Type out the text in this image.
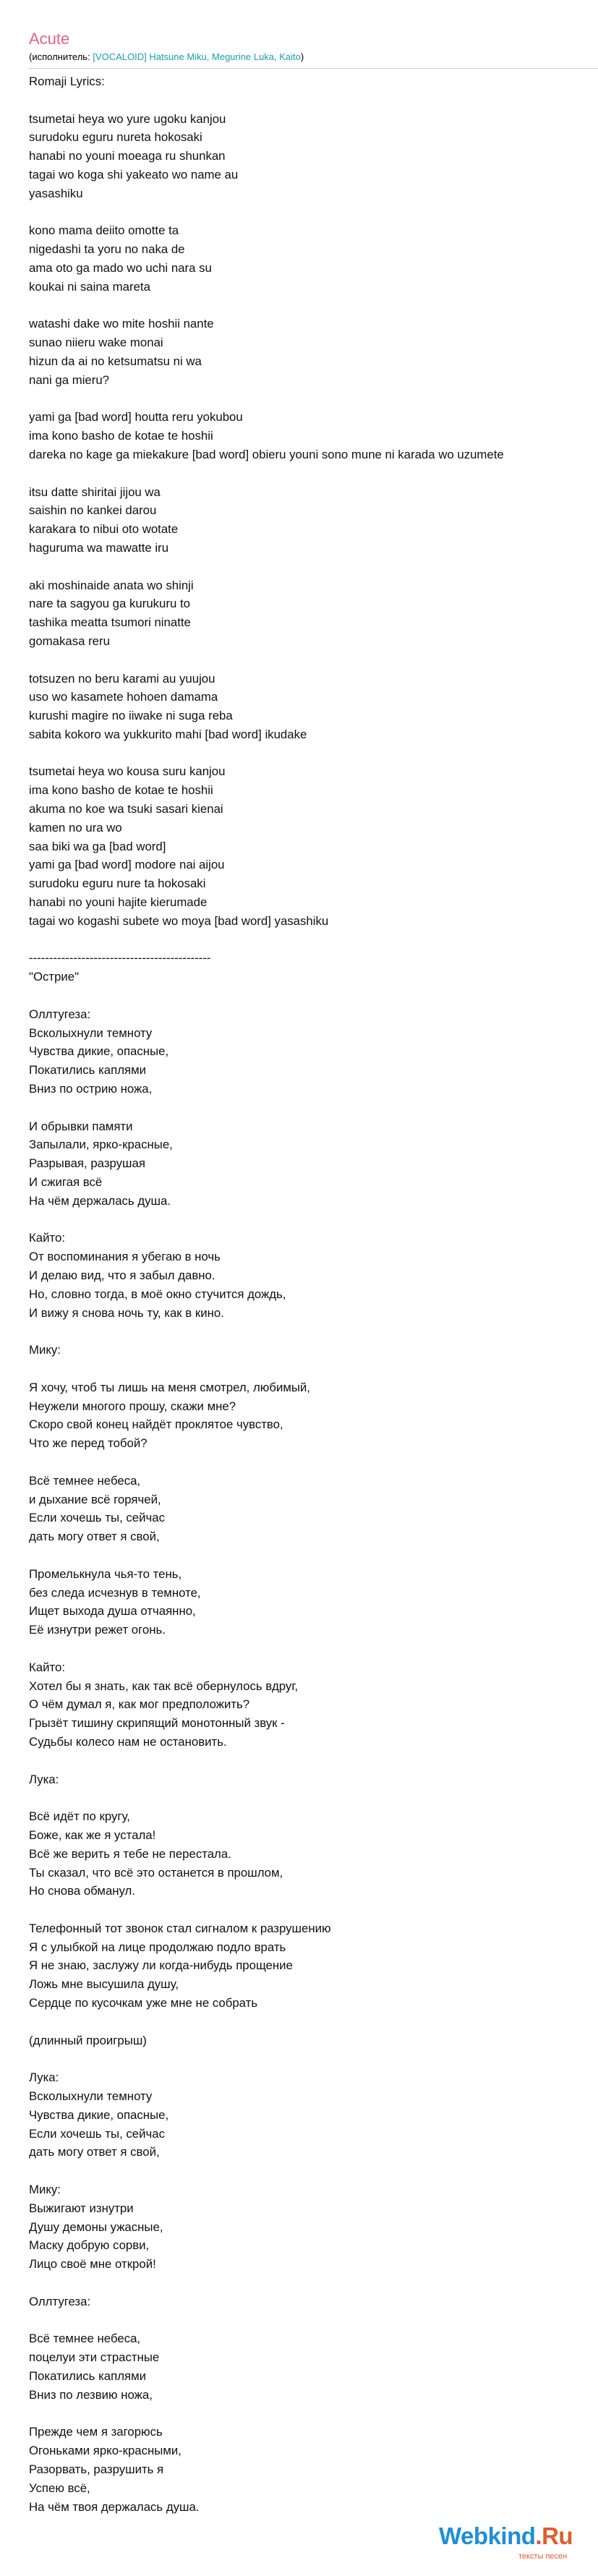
Acute
(исполнитель: [VOCALOID] Hatsune Miku, Megurine Luka, Kaito)
Romaji Lyrics:
tsumetai heya wo yure ugoku kanjou
surudoku eguru nureta hokosaki
hanabi no youni moeaga ru shunkan
tagai wo koga shi yakeato wo name au
yasashiku
kono mama deiito omotte ta
nigedashi ta yoru no naka de
ama oto ga mado wo uchi nara su
koukai ni saina mareta
watashi dake wo mite hoshii nante
sunao niieru wake monai
hizun da ai no ketsumatsu ni wa
nani ga mieru?
yami ga [bad word] houtta reru yokubou
ima kono basho de kotae te hoshii
dareka no kage ga miekakure [bad word] obieru youni sono mune ni karada wo uzumete
itsu datte shiritai jijou wa
saishin no kankei darou
karakara to nibui oto wotate
haguruma wa mawatte iru
aki moshinaide anata wo shinji
nare ta sagyou ga kurukuru to
tashika meatta tsumori ninatte
gomakasa reru
totsuzen no beru karami au yuujou
uso wo kasamete hohoen damama
kurushi magire no iiwake ni suga reba
sabita kokoro wa yukkurito mahi [bad word] ikudake
tsumetai heya wo kousa suru kanjou
ima kono basho de kotae te hoshii
akuma no koe wa tsuki sasari kienai
kamen no ura wo
saa biki wa ga [bad word]
yami ga [bad word] modore nai aijou
surudoku eguru nure ta hokosaki
hanabi no youni hajite kierumade
tagai wo kogashi subete wo moya [bad word] yasashiku
---------------------------------------------
"Острие"
Оллтугеза:
Всколыхнули темноту
Чувства дикие, опасные,
Покатились каплями
Вниз по острию ножа,
И обрывки памяти
Запылали, ярко-красные,
Разрывая, разрушая
И сжигая всё
На чём держалась душа.
Кайто:
От воспоминания я убегаю в ночь
И делаю вид, что я забыл давно.
Но, словно тогда, в моё окно стучится дождь,
И вижу я снова ночь ту, как в кино.
Мику:
Я хочу, чтоб ты лишь на меня смотрел, любимый,
Неужели многого прошу, скажи мне?
Скоро свой конец найдёт проклятое чувство,
Что же перед тобой?
Всё темнее небеса,
и дыхание всё горячей,
Если хочешь ты, сейчас
дать могу ответ я свой,
Промелькнула чья-то тень,
без следа исчезнув в темноте,
Ищет выхода душа отчаянно,
Её изнутри режет огонь.
Кайто:
Хотел бы я знать, как так всё обернулось вдруг,
О чём думал я, как мог предположить?
Грызёт тишину скрипящий монотонный звук -
Судьбы колесо нам не остановить.
Лука:
Всё идёт по кругу,
Боже, как же я устала!
Всё же верить я тебе не перестала.
Ты сказал, что всё это останется в прошлом,
Но снова обманул.
Телефонный тот звонок стал сигналом к разрушению
Я с улыбкой на лице продолжаю подло врать
Я не знаю, заслужу ли когда-нибудь прощение
Ложь мне высушила душу,
Сердце по кусочкам уже мне не собрать
(длинный проигрыш)
Лука:
Всколыхнули темноту
Чувства дикие, опасные,
Если хочешь ты, сейчас
дать могу ответ я свой,
Мику:
Выжигают изнутри
Душу демоны ужасные,
Маску добрую сорви,
Лицо своё мне открой!
Оллтугеза:
Всё темнее небеса,
поцелуи эти страстные
Покатились каплями
Вниз по лезвию ножа,
Прежде чем я загорюсь
Огоньками ярко-красными,
Разорвать, разрушить я
Успею всё,
На чём твоя держалась душа.
Webkind.Ru
тексты песен
